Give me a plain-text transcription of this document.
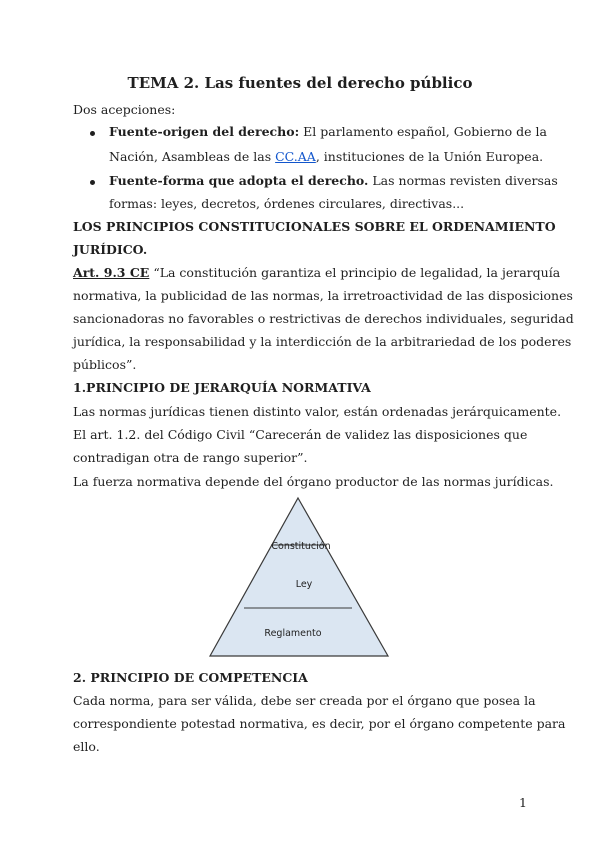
TEMA 2. Las fuentes del derecho público
Dos acepciones:
Fuente-origen del derecho: El parlamento español, Gobierno de la
Nación, Asambleas de las CC.AA, instituciones de la Unión Europea.
Fuente-forma que adopta el derecho. Las normas revisten diversas
formas: leyes, decretos, órdenes circulares, directivas...
LOS PRINCIPIOS CONSTITUCIONALES SOBRE EL ORDENAMIENTO
JURÍDICO.
Art. 9.3 CE “La constitución garantiza el principio de legalidad, la jerarquía
normativa, la publicidad de las normas, la irretroactividad de las disposiciones
sancionadoras no favorables o restrictivas de derechos individuales, seguridad
jurídica, la responsabilidad y la interdicción de la arbitrariedad de los poderes
públicos”.
1.PRINCIPIO DE JERARQUÍA NORMATIVA
Las normas jurídicas tienen distinto valor, están ordenadas jerárquicamente.
El art. 1.2. del Código Civil “Carecerán de validez las disposiciones que
contradigan otra de rango superior”.
La fuerza normativa depende del órgano productor de las normas jurídicas.
Constitución
Ley
Reglamento
2. PRINCIPIO DE COMPETENCIA
Cada norma, para ser válida, debe ser creada por el órgano que posea la
correspondiente potestad normativa, es decir, por el órgano competente para
ello.
1
